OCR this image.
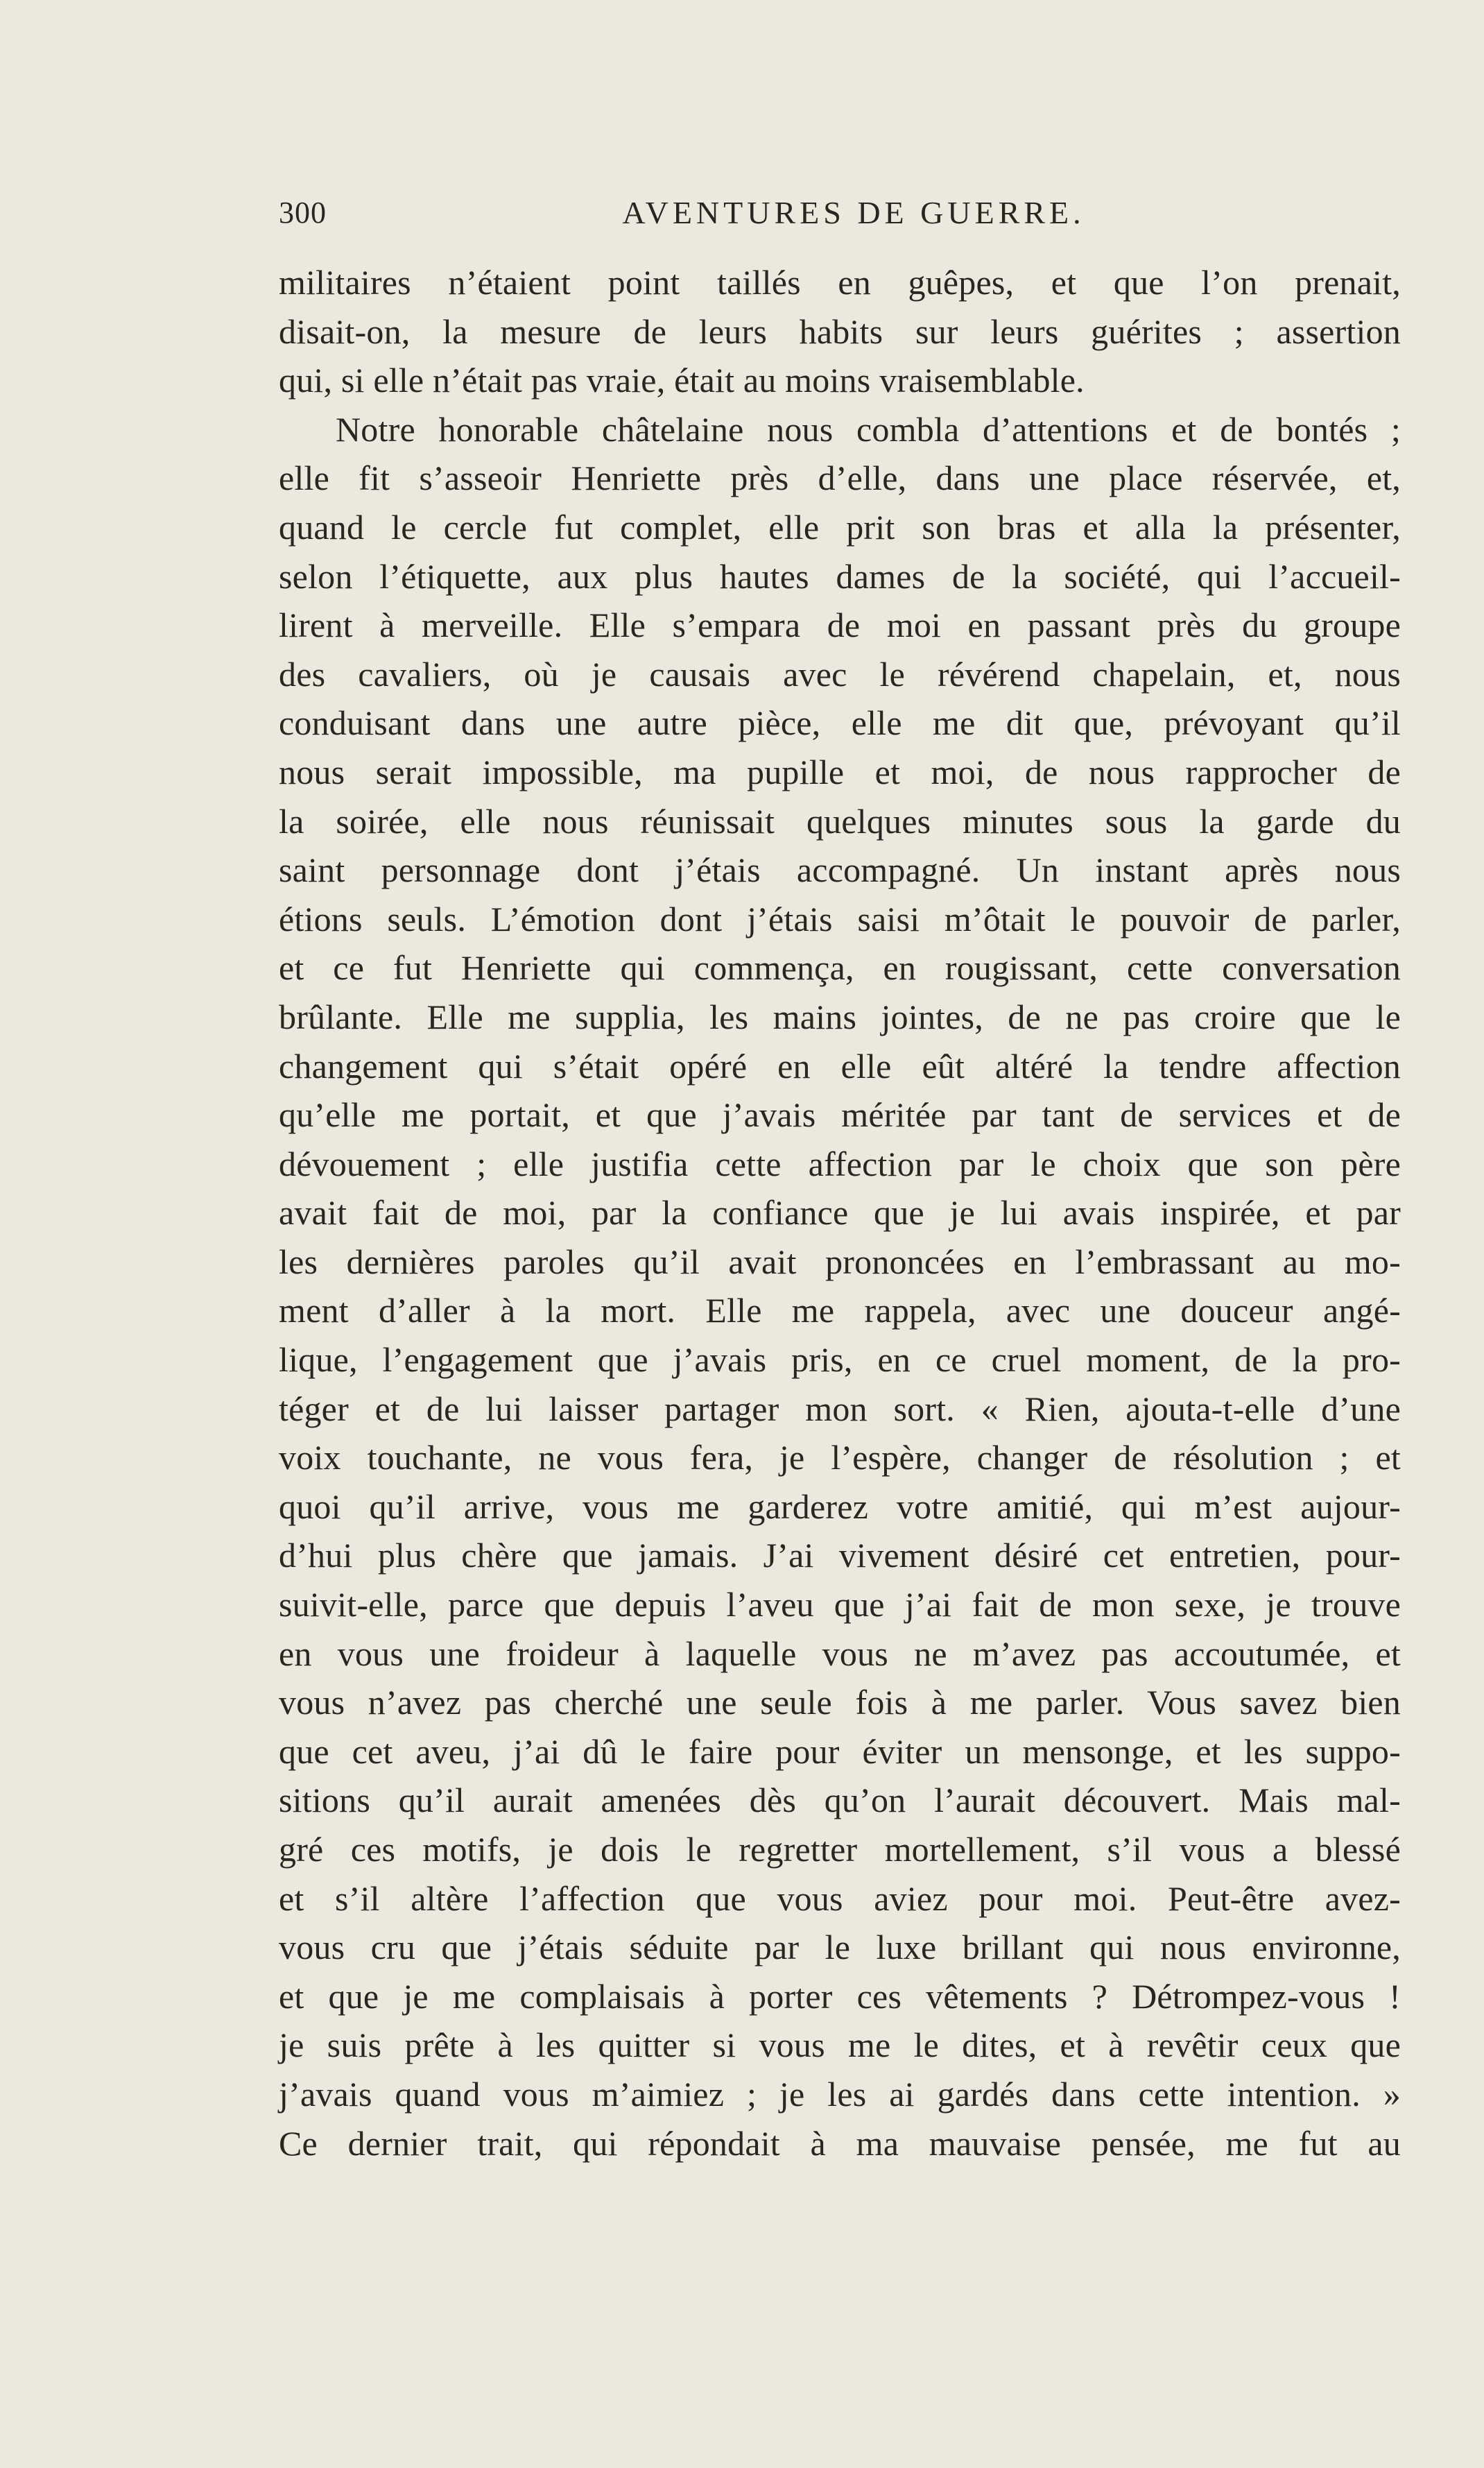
300	AVENTURES DE GUERRE.
militaires n’étaient point taillés en guêpes, et que l’on prenait,
disait-on, la mesure de leurs habits sur leurs guérites ; assertion
qui, si elle n’était pas vraie, était au moins vraisemblable.
Notre honorable châtelaine nous combla d’attentions et de bontés ;
elle fit s’asseoir Henriette près d’elle, dans une place réservée, et,
quand le cercle fut complet, elle prit son bras et alla la présenter,
selon l’étiquette, aux plus hautes dames de la société, qui l’accueil-
lirent à merveille. Elle s’empara de moi en passant près du groupe
des cavaliers, où je causais avec le révérend chapelain, et, nous
conduisant dans une autre pièce, elle me dit que, prévoyant qu’il
nous serait impossible, ma pupille et moi, de nous rapprocher de
la soirée, elle nous réunissait quelques minutes sous la garde du
saint personnage dont j’étais accompagné. Un instant après nous
étions seuls. L’émotion dont j’étais saisi m’ôtait le pouvoir de parler,
et ce fut Henriette qui commença, en rougissant, cette conversation
brûlante. Elle me supplia, les mains jointes, de ne pas croire que le
changement qui s’était opéré en elle eût altéré la tendre affection
qu’elle me portait, et que j’avais méritée par tant de services et de
dévouement ; elle justifia cette affection par le choix que son père
avait fait de moi, par la confiance que je lui avais inspirée, et par
les dernières paroles qu’il avait prononcées en l’embrassant au mo-
ment d’aller à la mort. Elle me rappela, avec une douceur angé-
lique, l’engagement que j’avais pris, en ce cruel moment, de la pro-
téger et de lui laisser partager mon sort. « Rien, ajouta-t-elle d’une
voix touchante, ne vous fera, je l’espère, changer de résolution ; et
quoi qu’il arrive, vous me garderez votre amitié, qui m’est aujour-
d’hui plus chère que jamais. J’ai vivement désiré cet entretien, pour-
suivit-elle, parce que depuis l’aveu que j’ai fait de mon sexe, je trouve
en vous une froideur à laquelle vous ne m’avez pas accoutumée, et
vous n’avez pas cherché une seule fois à me parler. Vous savez bien
que cet aveu, j’ai dû le faire pour éviter un mensonge, et les suppo-
sitions qu’il aurait amenées dès qu’on l’aurait découvert. Mais mal-
gré ces motifs, je dois le regretter mortellement, s’il vous a blessé
et s’il altère l’affection que vous aviez pour moi. Peut-être avez-
vous cru que j’étais séduite par le luxe brillant qui nous environne,
et que je me complaisais à porter ces vêtements ? Détrompez-vous !
je suis prête à les quitter si vous me le dites, et à revêtir ceux que
j’avais quand vous m’aimiez ; je les ai gardés dans cette intention. »
Ce dernier trait, qui répondait à ma mauvaise pensée, me fut au
